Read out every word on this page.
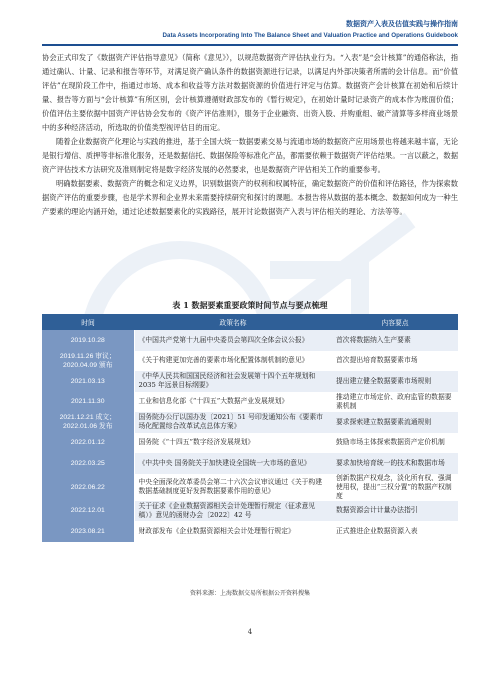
数据资产入表及估值实践与操作指南
Data Assets Incorporating Into The Balance Sheet and Valuation Practice and Operations Guidebook

协会正式印发了《数据资产评估指导意见》（简称《意见》），以规范数据资产评估执业行为。“入表”是“会计核算”的通俗称法，指通过确认、计量、记录和报告等环节，对满足资产确认条件的数据资源进行记录，以满足内外部决策者所需的会计信息。而“价值评估”在现阶段工作中，指通过市场、成本和收益等方法对数据资源的价值进行评定与估算。数据资产会计核算在初始和后续计量、报告等方面与“会计核算”有所区别，会计核算遵循财政部发布的《暂行规定》，在初始计量时记录资产的成本作为账面价值；价值评估主要依据中国资产评估协会发布的《资产评估准则》，服务于企业融资、出资入股、并购重组、破产清算等多样商业场景中的多种经济活动，所选取的价值类型视评估目的而定。

随着企业数据资产化理论与实践的推进，基于全国大统一数据要素交易与流通市场的数据资产应用场景也将越来越丰富，无论是银行增信、质押等非标准化服务，还是数据信托、数据保险等标准化产品，都需要依赖于数据资产评估结果。一言以蔽之，数据资产评估技术方法研究及准则制定将是数字经济发展的必然要求，也是数据资产评估相关工作的重要参考。

明确数据要素、数据资产的概念和定义边界，识别数据资产的权利和权属特征，确定数据资产的价值和评估路径，作为探索数据资产评估的重要步骤，也是学术界和企业界未来需要持续研究和探讨的课题。本报告将从数据的基本概念、数据如何成为一种生产要素的理论内涵开始，通过论述数据要素化的实践路径，展开讨论数据资产入表与评估相关的理论、方法等等。

表 1 数据要素重要政策时间节点与要点梳理
时间	政策名称	内容要点
2019.10.28	《中国共产党第十九届中央委员会第四次全体会议公报》	首次将数据纳入生产要素
2019.11.26 审议；2020.04.09 颁布	《关于构建更加完善的要素市场化配置体制机制的意见》	首次提出培育数据要素市场
2021.03.13	《中华人民共和国国民经济和社会发展第十四个五年规划和 2035 年远景目标纲要》	提出建立健全数据要素市场规则
2021.11.30	工业和信息化部《“十四五”大数据产业发展规划》	推动建立市场定价、政府监管的数据要素机制
2021.12.21 成文；2022.01.06 发布	国务院办公厅以国办发〔2021〕51 号印发通知公布《要素市场化配置综合改革试点总体方案》	要求探索建立数据要素流通规则
2022.01.12	国务院《“十四五”数字经济发展规划》	鼓励市场主体探索数据资产定价机制
2022.03.25	《中共中央 国务院关于加快建设全国统一大市场的意见》	要求加快培育统一的技术和数据市场
2022.06.22	中央全面深化改革委员会第二十六次会议审议通过《关于构建数据基础制度更好发挥数据要素作用的意见》	创新数据产权观念，淡化所有权、强调使用权，提出“三权分置”的数据产权制度
2022.12.01	关于征求《企业数据资源相关会计处理暂行规定（征求意见稿）》意见的函财办会〔2022〕42 号	数据资源会计计量办法指引
2023.08.21	财政部发布《企业数据资源相关会计处理暂行规定》	正式推进企业数据资源入表
资料来源：上海数据交易所根据公开资料搜集
4
